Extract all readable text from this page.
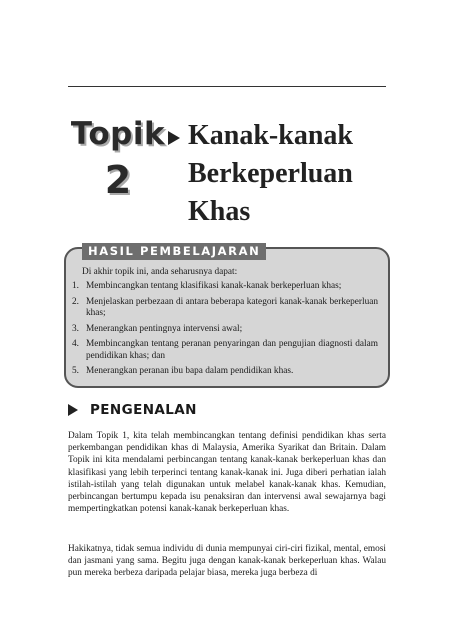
Topik
2
Kanak-kanak
Berkeperluan
Khas
HASIL PEMBELAJARAN

Di akhir topik ini, anda seharusnya dapat:

1. Membincangkan tentang klasifikasi kanak-kanak berkeperluan khas;
2. Menjelaskan perbezaan di antara beberapa kategori kanak-kanak berkeperluan khas;
3. Menerangkan pentingnya intervensi awal;
4. Membincangkan tentang peranan penyaringan dan pengujian diagnosti dalam pendidikan khas; dan
5. Menerangkan peranan ibu bapa dalam pendidikan khas.
PENGENALAN

Dalam Topik 1, kita telah membincangkan tentang definisi pendidikan khas serta perkembangan pendidikan khas di Malaysia, Amerika Syarikat dan Britain. Dalam Topik ini kita mendalami perbincangan tentang kanak-kanak berkeperluan khas dan klasifikasi yang lebih terperinci tentang kanak-kanak ini. Juga diberi perhatian ialah istilah-istilah yang telah digunakan untuk melabel kanak-kanak khas. Kemudian, perbincangan bertumpu kepada isu penaksiran dan intervensi awal sewajarnya bagi mempertingkatkan potensi kanak-kanak berkeperluan khas.

Hakikatnya, tidak semua individu di dunia mempunyai ciri-ciri fizikal, mental, emosi dan jasmani yang sama. Begitu juga dengan kanak-kanak berkeperluan khas. Walau pun mereka berbeza daripada pelajar biasa, mereka juga berbeza di
